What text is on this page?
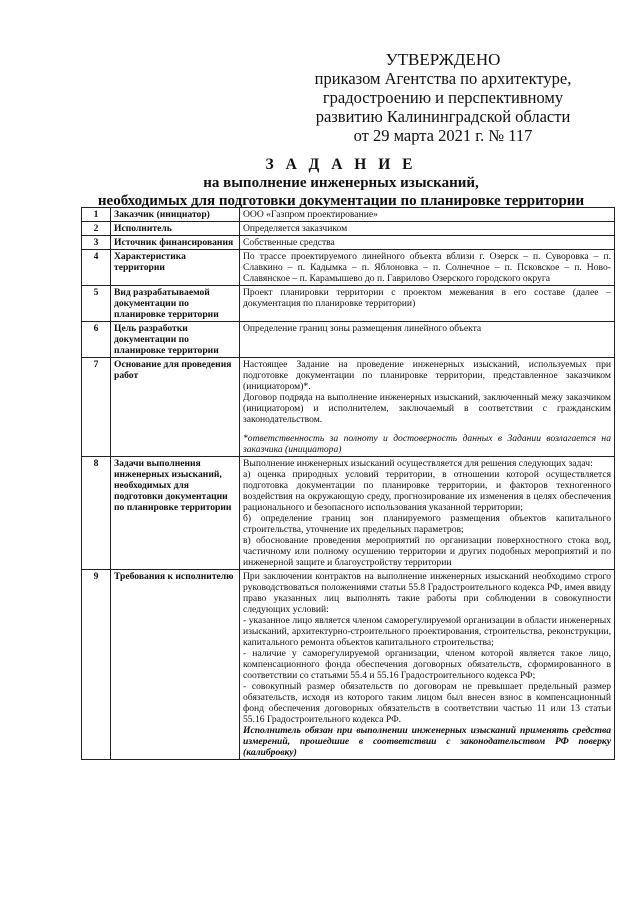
УТВЕРЖДЕНО
приказом Агентства по архитектуре,
градостроению и перспективному
развитию Калининградской области
от 29 марта 2021 г. № 117
З А Д А Н И Е
на выполнение инженерных изысканий,
необходимых для подготовки документации по планировке территории
1	Заказчик (инициатор)	ООО «Газпром проектирование»

2	Исполнитель	Определяется заказчиком

3	Источник финансирования	Собственные средства

4	Характеристика территории	По трассе проектируемого линейного объекта вблизи г. Озерск – п. Суворовка – п. Славкино – п. Кадымка – п. Яблоновка – п. Солнечное – п. Псковское – п. Ново-Славянское – п. Карамышево до п. Гаврилово Озерского городского округа

5	Вид разрабатываемой документации по планировке территории	Проект планировки территории с проектом межевания в его составе (далее – документация по планировке территории)

6	Цель разработки документации по планировке территории	Определение границ зоны размещения линейного объекта

7	Основание для проведения работ	Настоящее Задание на проведение инженерных изысканий, используемых при подготовке документации по планировке территории, представленное заказчиком (инициатором)*.

Договор подряда на выполнение инженерных изысканий, заключенный межу заказчиком (инициатором) и исполнителем, заключаемый в соответствии с гражданским законодательством.

*ответственность за полноту и достоверность данных в Задании возлагается на заказчика (инициатора)

8	Задачи выполнения инженерных изысканий, необходимых для подготовки документации по планировке территории	Выполнение инженерных изысканий осуществляется для решения следующих задач:

а) оценка природных условий территории, в отношении которой осуществляется подготовка документации по планировке территории, и факторов техногенного воздействия на окружающую среду, прогнозирование их изменения в целях обеспечения рационального и безопасного использования указанной территории;

б) определение границ зон планируемого размещения объектов капитального строительства, уточнение их предельных параметров;

в) обоснование проведения мероприятий по организации поверхностного стока вод, частичному или полному осушению территории и других подобных мероприятий и по инженерной защите и благоустройству территории

9	Требования к исполнителю	При заключении контрактов на выполнение инженерных изысканий необходимо строго руководствоваться положениями статьи 55.8 Градостроительного кодекса РФ, имея ввиду право указанных лиц выполнять такие работы при соблюдении в совокупности следующих условий:

- указанное лицо является членом саморегулируемой организации в области инженерных изысканий, архитектурно-строительного проектирования, строительства, реконструкции, капитального ремонта объектов капитального строительства;

- наличие у саморегулируемой организации, членом которой является такое лицо, компенсационного фонда обеспечения договорных обязательств, сформированного в соответствии со статьями 55.4 и 55.16 Градостроительного кодекса РФ;

- совокупный размер обязательств по договорам не превышает предельный размер обязательств, исходя из которого таким лицом был внесен взнос в компенсационный фонд обеспечения договорных обязательств в соответствии частью 11 или 13 статьи 55.16 Градостроительного кодекса РФ.

Исполнитель обязан при выполнении инженерных изысканий применять средства измерений, прошедшие в соответствии с законодательством РФ поверку (калибровку)
